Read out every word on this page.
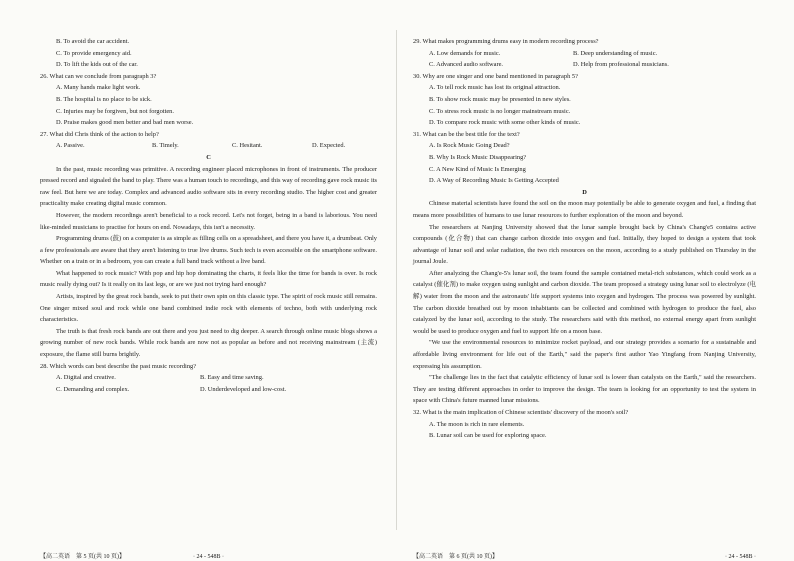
B. To avoid the car accident.
C. To provide emergency aid.
D. To lift the kids out of the car.
26. What can we conclude from paragraph 3?
A. Many hands make light work.
B. The hospital is no place to be sick.
C. Injuries may be forgiven, but not forgotten.
D. Praise makes good men better and bad men worse.
27. What did Chris think of the action to help?
A. Passive.	B. Timely.	C. Hesitant.	D. Expected.
C
In the past, music recording was primitive. A recording engineer placed microphones in front of instruments. The producer pressed record and signaled the band to play. There was a human touch to recordings, and this way of recording gave rock music its raw feel. But here we are today. Complex and advanced audio software sits in every recording studio. The higher cost and greater practicality make creating digital music common.
However, the modern recordings aren't beneficial to a rock record. Let's not forget, being in a band is laborious. You need like-minded musicians to practise for hours on end. Nowadays, this isn't a necessity.
Programming drums (鼓) on a computer is as simple as filling cells on a spreadsheet, and there you have it, a drumbeat. Only a few professionals are aware that they aren't listening to true live drums. Such tech is even accessible on the smartphone software. Whether on a train or in a bedroom, you can create a full band track without a live band.
What happened to rock music? With pop and hip hop dominating the charts, it feels like the time for bands is over. Is rock music really dying out? Is it really on its last legs, or are we just not trying hard enough?
Artists, inspired by the great rock bands, seek to put their own spin on this classic type. The spirit of rock music still remains. One singer mixed soul and rock while one band combined indie rock with elements of techno, both with underlying rock characteristics.
The truth is that fresh rock bands are out there and you just need to dig deeper. A search through online music blogs shows a growing number of new rock bands. While rock bands are now not as popular as before and not receiving mainstream (主流) exposure, the flame still burns brightly.
28. Which words can best describe the past music recording?
A. Digital and creative.	B. Easy and time saving.
C. Demanding and complex.	D. Underdeveloped and low-cost.
【高二英语　第 5 页(共 10 页)】	· 24 - 548B ·
29. What makes programming drums easy in modern recording process?
A. Low demands for music.	B. Deep understanding of music.
C. Advanced audio software.	D. Help from professional musicians.
30. Why are one singer and one band mentioned in paragraph 5?
A. To tell rock music has lost its original attraction.
B. To show rock music may be presented in new styles.
C. To stress rock music is no longer mainstream music.
D. To compare rock music with some other kinds of music.
31. What can be the best title for the text?
A. Is Rock Music Going Dead?
B. Why Is Rock Music Disappearing?
C. A New Kind of Music Is Emerging
D. A Way of Recording Music Is Getting Accepted
D
Chinese material scientists have found the soil on the moon may potentially be able to generate oxygen and fuel, a finding that means more possibilities of humans to use lunar resources to further exploration of the moon and beyond.
The researchers at Nanjing University showed that the lunar sample brought back by China's Chang'e5 contains active compounds (化合物) that can change carbon dioxide into oxygen and fuel. Initially, they hoped to design a system that took advantage of lunar soil and solar radiation, the two rich resources on the moon, according to a study published on Thursday in the journal Joule.
After analyzing the Chang'e-5's lunar soil, the team found the sample contained metal-rich substances, which could work as a catalyst (催化剂) to make oxygen using sunlight and carbon dioxide. The team proposed a strategy using lunar soil to electrolyze (电解) water from the moon and the astronauts' life support systems into oxygen and hydrogen. The process was powered by sunlight. The carbon dioxide breathed out by moon inhabitants can be collected and combined with hydrogen to produce the fuel, also catalyzed by the lunar soil, according to the study. The researchers said with this method, no external energy apart from sunlight would be used to produce oxygen and fuel to support life on a moon base.
"We use the environmental resources to minimize rocket payload, and our strategy provides a scenario for a sustainable and affordable living environment for life out of the Earth," said the paper's first author Yao Yingfang from Nanjing University, expressing his assumption.
"The challenge lies in the fact that catalytic efficiency of lunar soil is lower than catalysts on the Earth," said the researchers. They are testing different approaches in order to improve the design. The team is looking for an opportunity to test the system in space with China's future manned lunar missions.
32. What is the main implication of Chinese scientists' discovery of the moon's soil?
A. The moon is rich in rare elements.
B. Lunar soil can be used for exploring space.
【高二英语　第 6 页(共 10 页)】	· 24 - 548B ·
